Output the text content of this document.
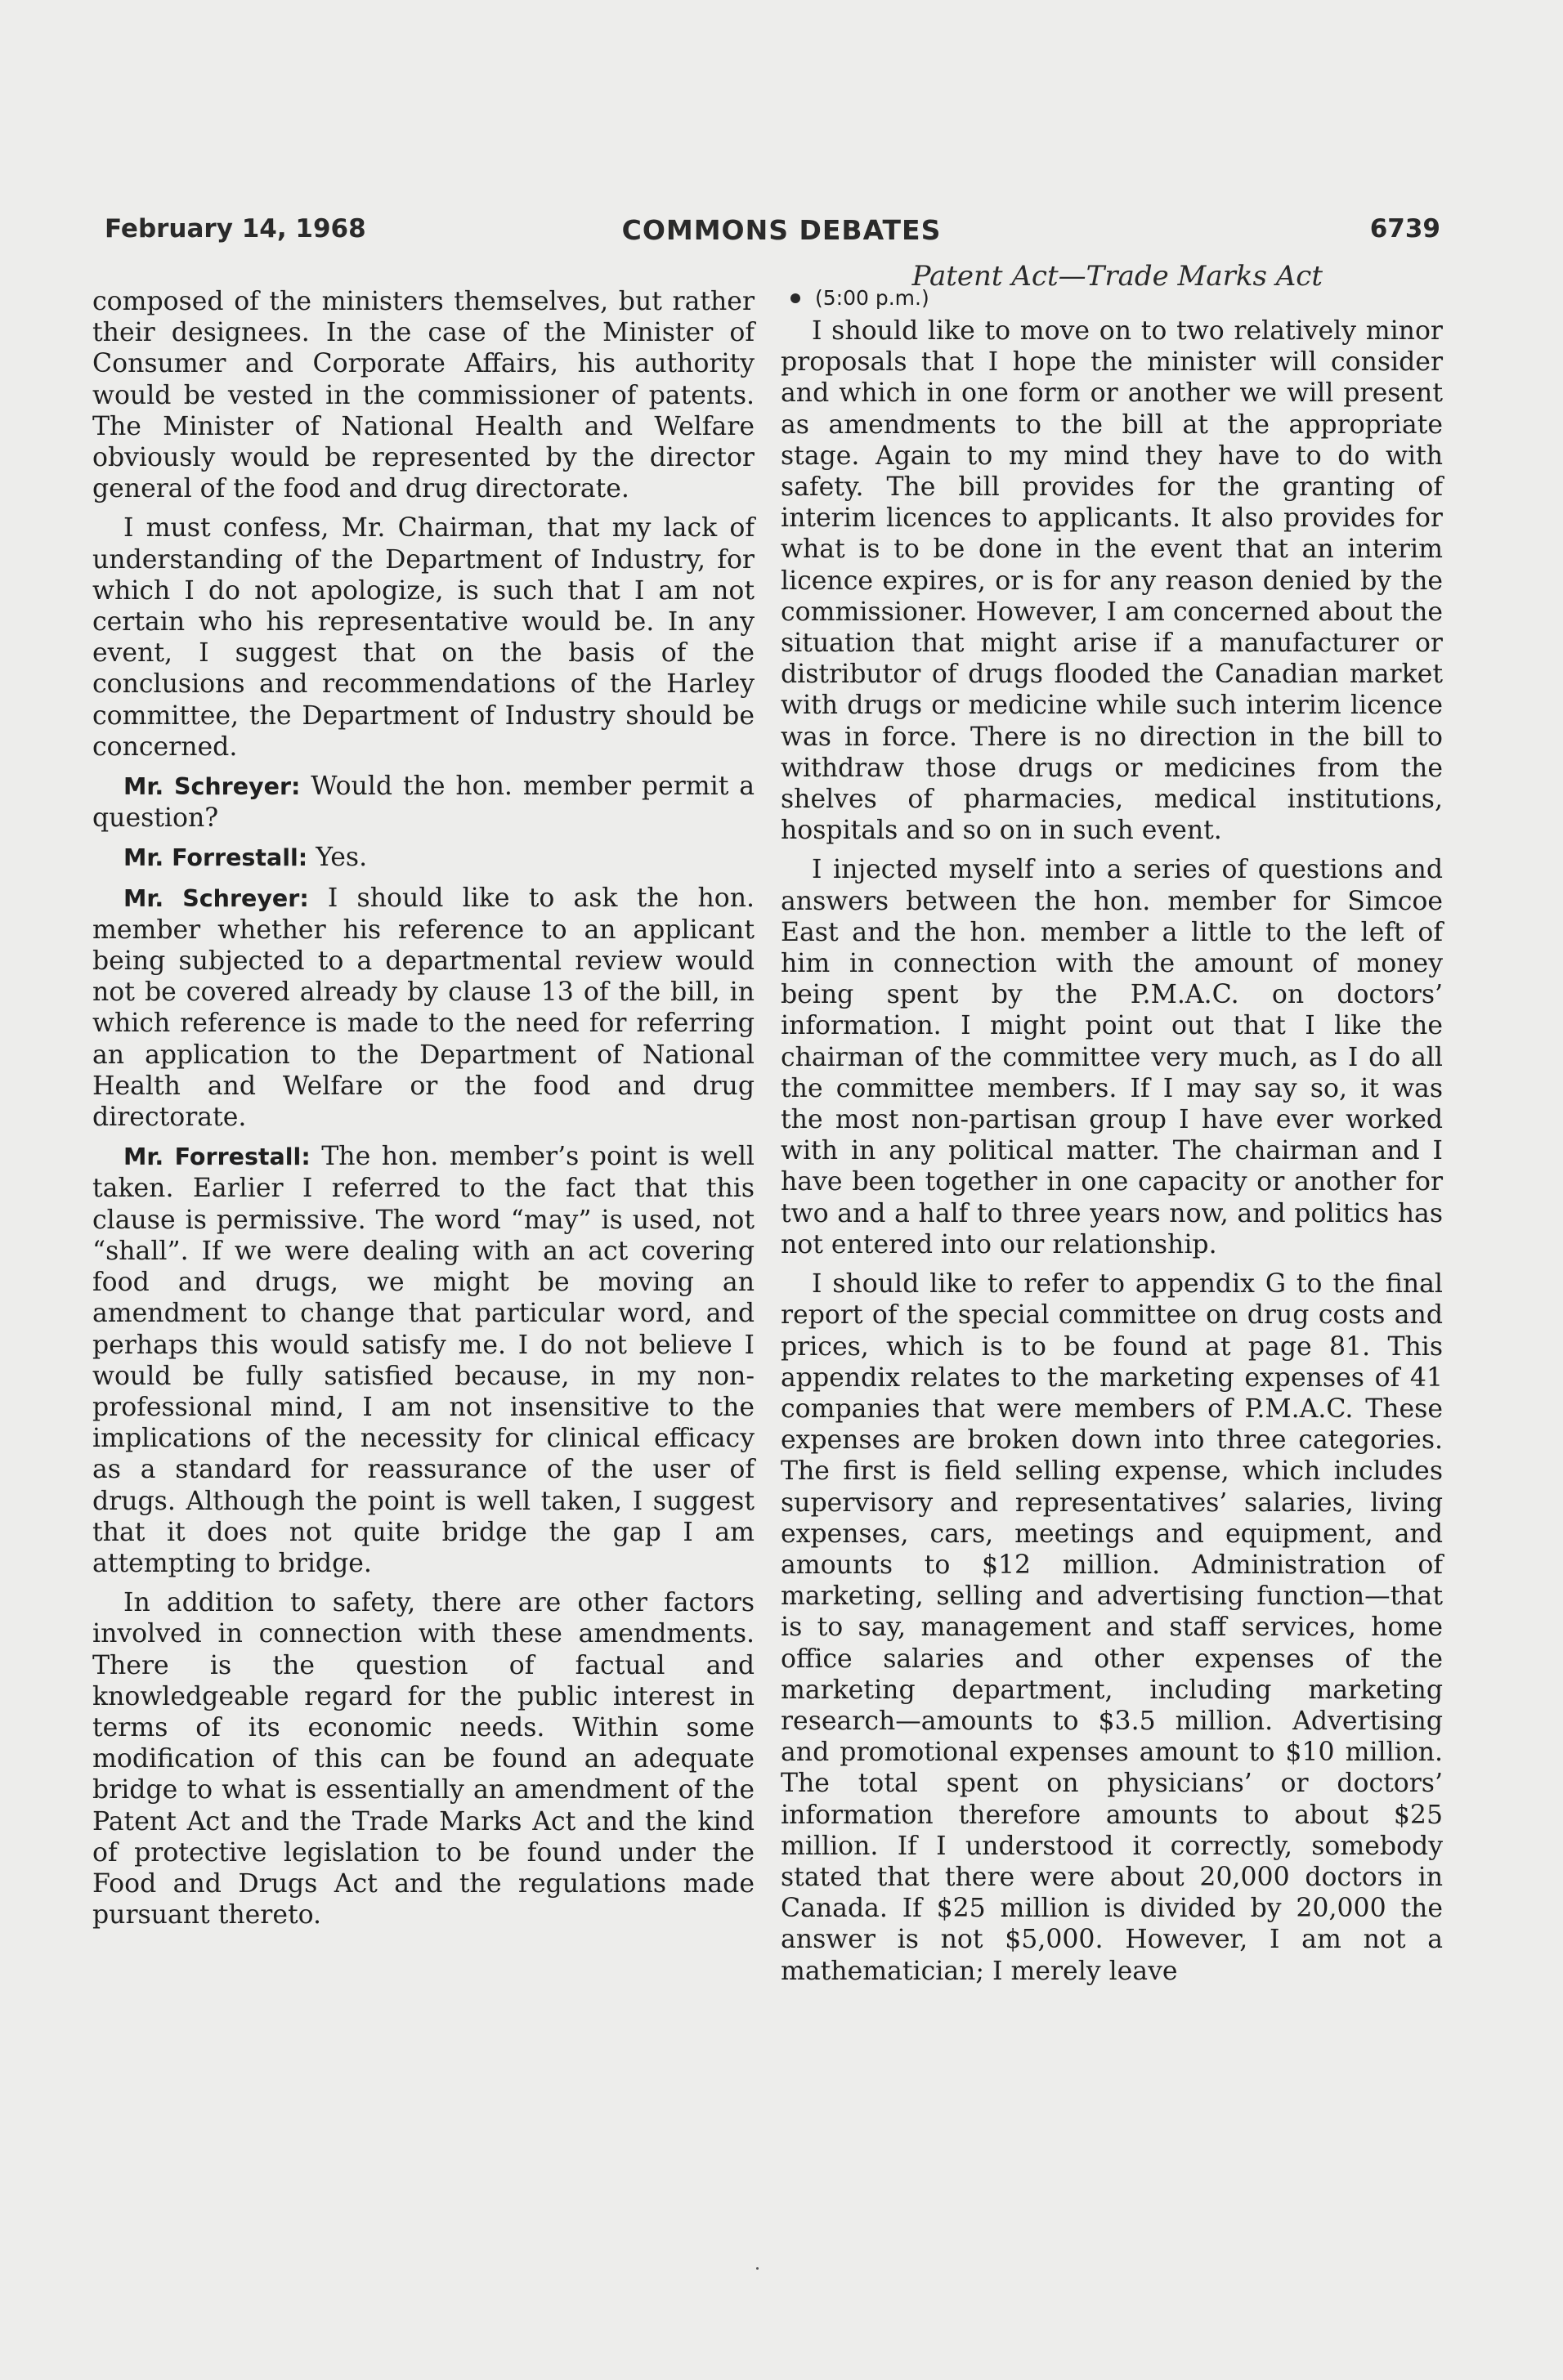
February 14, 1968	COMMONS DEBATES	6739
Patent Act—Trade Marks Act

composed of the ministers themselves, but rather their designees. In the case of the Minister of Consumer and Corporate Affairs, his authority would be vested in the commissioner of patents. The Minister of National Health and Welfare obviously would be represented by the director general of the food and drug directorate.

I must confess, Mr. Chairman, that my lack of understanding of the Department of Industry, for which I do not apologize, is such that I am not certain who his representative would be. In any event, I suggest that on the basis of the conclusions and recommendations of the Harley committee, the Department of Industry should be concerned.

Mr. Schreyer: Would the hon. member permit a question?

Mr. Forrestall: Yes.

Mr. Schreyer: I should like to ask the hon. member whether his reference to an applicant being subjected to a departmental review would not be covered already by clause 13 of the bill, in which reference is made to the need for referring an application to the Department of National Health and Welfare or the food and drug directorate.

Mr. Forrestall: The hon. member’s point is well taken. Earlier I referred to the fact that this clause is permissive. The word “may” is used, not “shall”. If we were dealing with an act covering food and drugs, we might be moving an amendment to change that particular word, and perhaps this would satisfy me. I do not believe I would be fully satisfied because, in my non-professional mind, I am not insensitive to the implications of the necessity for clinical efficacy as a standard for reassurance of the user of drugs. Although the point is well taken, I suggest that it does not quite bridge the gap I am attempting to bridge.

In addition to safety, there are other factors involved in connection with these amendments. There is the question of factual and knowledgeable regard for the public interest in terms of its economic needs. Within some modification of this can be found an adequate bridge to what is essentially an amendment of the Patent Act and the Trade Marks Act and the kind of protective legislation to be found under the Food and Drugs Act and the regulations made pursuant thereto.

(5:00 p.m.)

I should like to move on to two relatively minor proposals that I hope the minister will consider and which in one form or another we will present as amendments to the bill at the appropriate stage. Again to my mind they have to do with safety. The bill provides for the granting of interim licences to applicants. It also provides for what is to be done in the event that an interim licence expires, or is for any reason denied by the commissioner. However, I am concerned about the situation that might arise if a manufacturer or distributor of drugs flooded the Canadian market with drugs or medicine while such interim licence was in force. There is no direction in the bill to withdraw those drugs or medicines from the shelves of pharmacies, medical institutions, hospitals and so on in such event.

I injected myself into a series of questions and answers between the hon. member for Simcoe East and the hon. member a little to the left of him in connection with the amount of money being spent by the P.M.A.C. on doctors’ information. I might point out that I like the chairman of the committee very much, as I do all the committee members. If I may say so, it was the most non-partisan group I have ever worked with in any political matter. The chairman and I have been together in one capacity or another for two and a half to three years now, and politics has not entered into our relationship.

I should like to refer to appendix G to the final report of the special committee on drug costs and prices, which is to be found at page 81. This appendix relates to the marketing expenses of 41 companies that were members of P.M.A.C. These expenses are broken down into three categories. The first is field selling expense, which includes supervisory and representatives’ salaries, living expenses, cars, meetings and equipment, and amounts to $12 million. Administration of marketing, selling and advertising function—that is to say, management and staff services, home office salaries and other expenses of the marketing department, including marketing research—amounts to $3.5 million. Advertising and promotional expenses amount to $10 million. The total spent on physicians’ or doctors’ information therefore amounts to about $25 million. If I understood it correctly, somebody stated that there were about 20,000 doctors in Canada. If $25 million is divided by 20,000 the answer is not $5,000. However, I am not a mathematician; I merely leave
